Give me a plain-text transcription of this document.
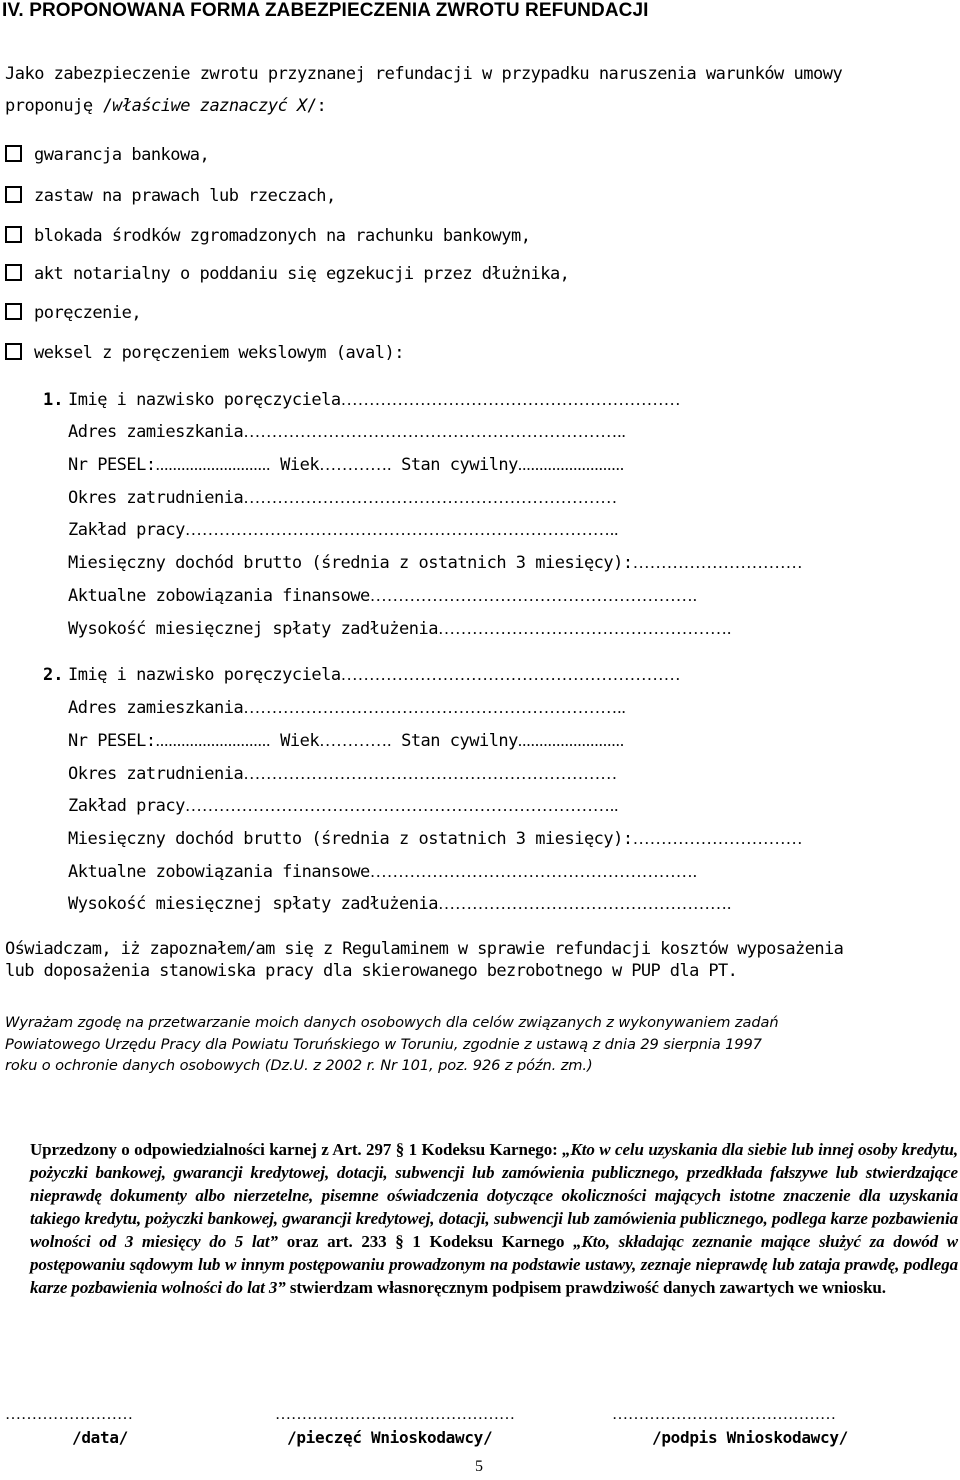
IV. PROPONOWANA FORMA ZABEZPIECZENIA ZWROTU REFUNDACJI
Jako zabezpieczenie zwrotu przyznanej refundacji w przypadku naruszenia warunków umowy
proponuję /właściwe zaznaczyć X/:
gwarancja bankowa,
zastaw na prawach lub rzeczach,
blokada środków zgromadzonych na rachunku bankowym,
akt notarialny o poddaniu się egzekucji przez dłużnika,
poręczenie,
weksel z poręczeniem wekslowym (aval):
1. Imię i nazwisko poręczyciela……………………………………………………
Adres zamieszkania…………………………………………………………..
Nr PESEL:........................... Wiek…………. Stan cywilny.........................
Okres zatrudnienia…………………………………………………………
Zakład pracy…………………………………………………………………..
Miesięczny dochód brutto (średnia z ostatnich 3 miesięcy):…………………………
Aktualne zobowiązania finansowe………………………………………………….
Wysokość miesięcznej spłaty zadłużenia…………………………………………….
2. Imię i nazwisko poręczyciela……………………………………………………
Adres zamieszkania…………………………………………………………..
Nr PESEL:........................... Wiek…………. Stan cywilny.........................
Okres zatrudnienia…………………………………………………………
Zakład pracy…………………………………………………………………..
Miesięczny dochód brutto (średnia z ostatnich 3 miesięcy):…………………………
Aktualne zobowiązania finansowe………………………………………………….
Wysokość miesięcznej spłaty zadłużenia…………………………………………….
Oświadczam, iż zapoznałem/am się z Regulaminem w sprawie refundacji kosztów wyposażenia
lub doposażenia stanowiska pracy dla skierowanego bezrobotnego w PUP dla PT.
Wyrażam zgodę na przetwarzanie moich danych osobowych dla celów związanych z wykonywaniem zadań
Powiatowego Urzędu Pracy dla Powiatu Toruńskiego w Toruniu, zgodnie z ustawą z dnia 29 sierpnia 1997
roku o ochronie danych osobowych (Dz.U. z 2002 r. Nr 101, poz. 926 z późn. zm.)
Uprzedzony o odpowiedzialności karnej z Art. 297 § 1 Kodeksu Karnego: „Kto w celu uzyskania dla siebie lub innej osoby kredytu, pożyczki bankowej, gwarancji kredytowej, dotacji, subwencji lub zamówienia publicznego, przedkłada fałszywe lub stwierdzające nieprawdę dokumenty albo nierzetelne, pisemne oświadczenia dotyczące okoliczności mających istotne znaczenie dla uzyskania takiego kredytu, pożyczki bankowej, gwarancji kredytowej, dotacji, subwencji lub zamówienia publicznego, podlega karze pozbawienia wolności od 3 miesięcy do 5 lat” oraz art. 233 § 1 Kodeksu Karnego „Kto, składając zeznanie mające służyć za dowód w postępowaniu sądowym lub w innym postępowaniu prowadzonym na podstawie ustawy, zeznaje nieprawdę lub zataja prawdę, podlega karze pozbawienia wolności do lat 3” stwierdzam własnoręcznym podpisem prawdziwość danych zawartych we wniosku.
……………………	………………………………………	……………………………………
/data/	/pieczęć Wnioskodawcy/	/podpis Wnioskodawcy/
5
